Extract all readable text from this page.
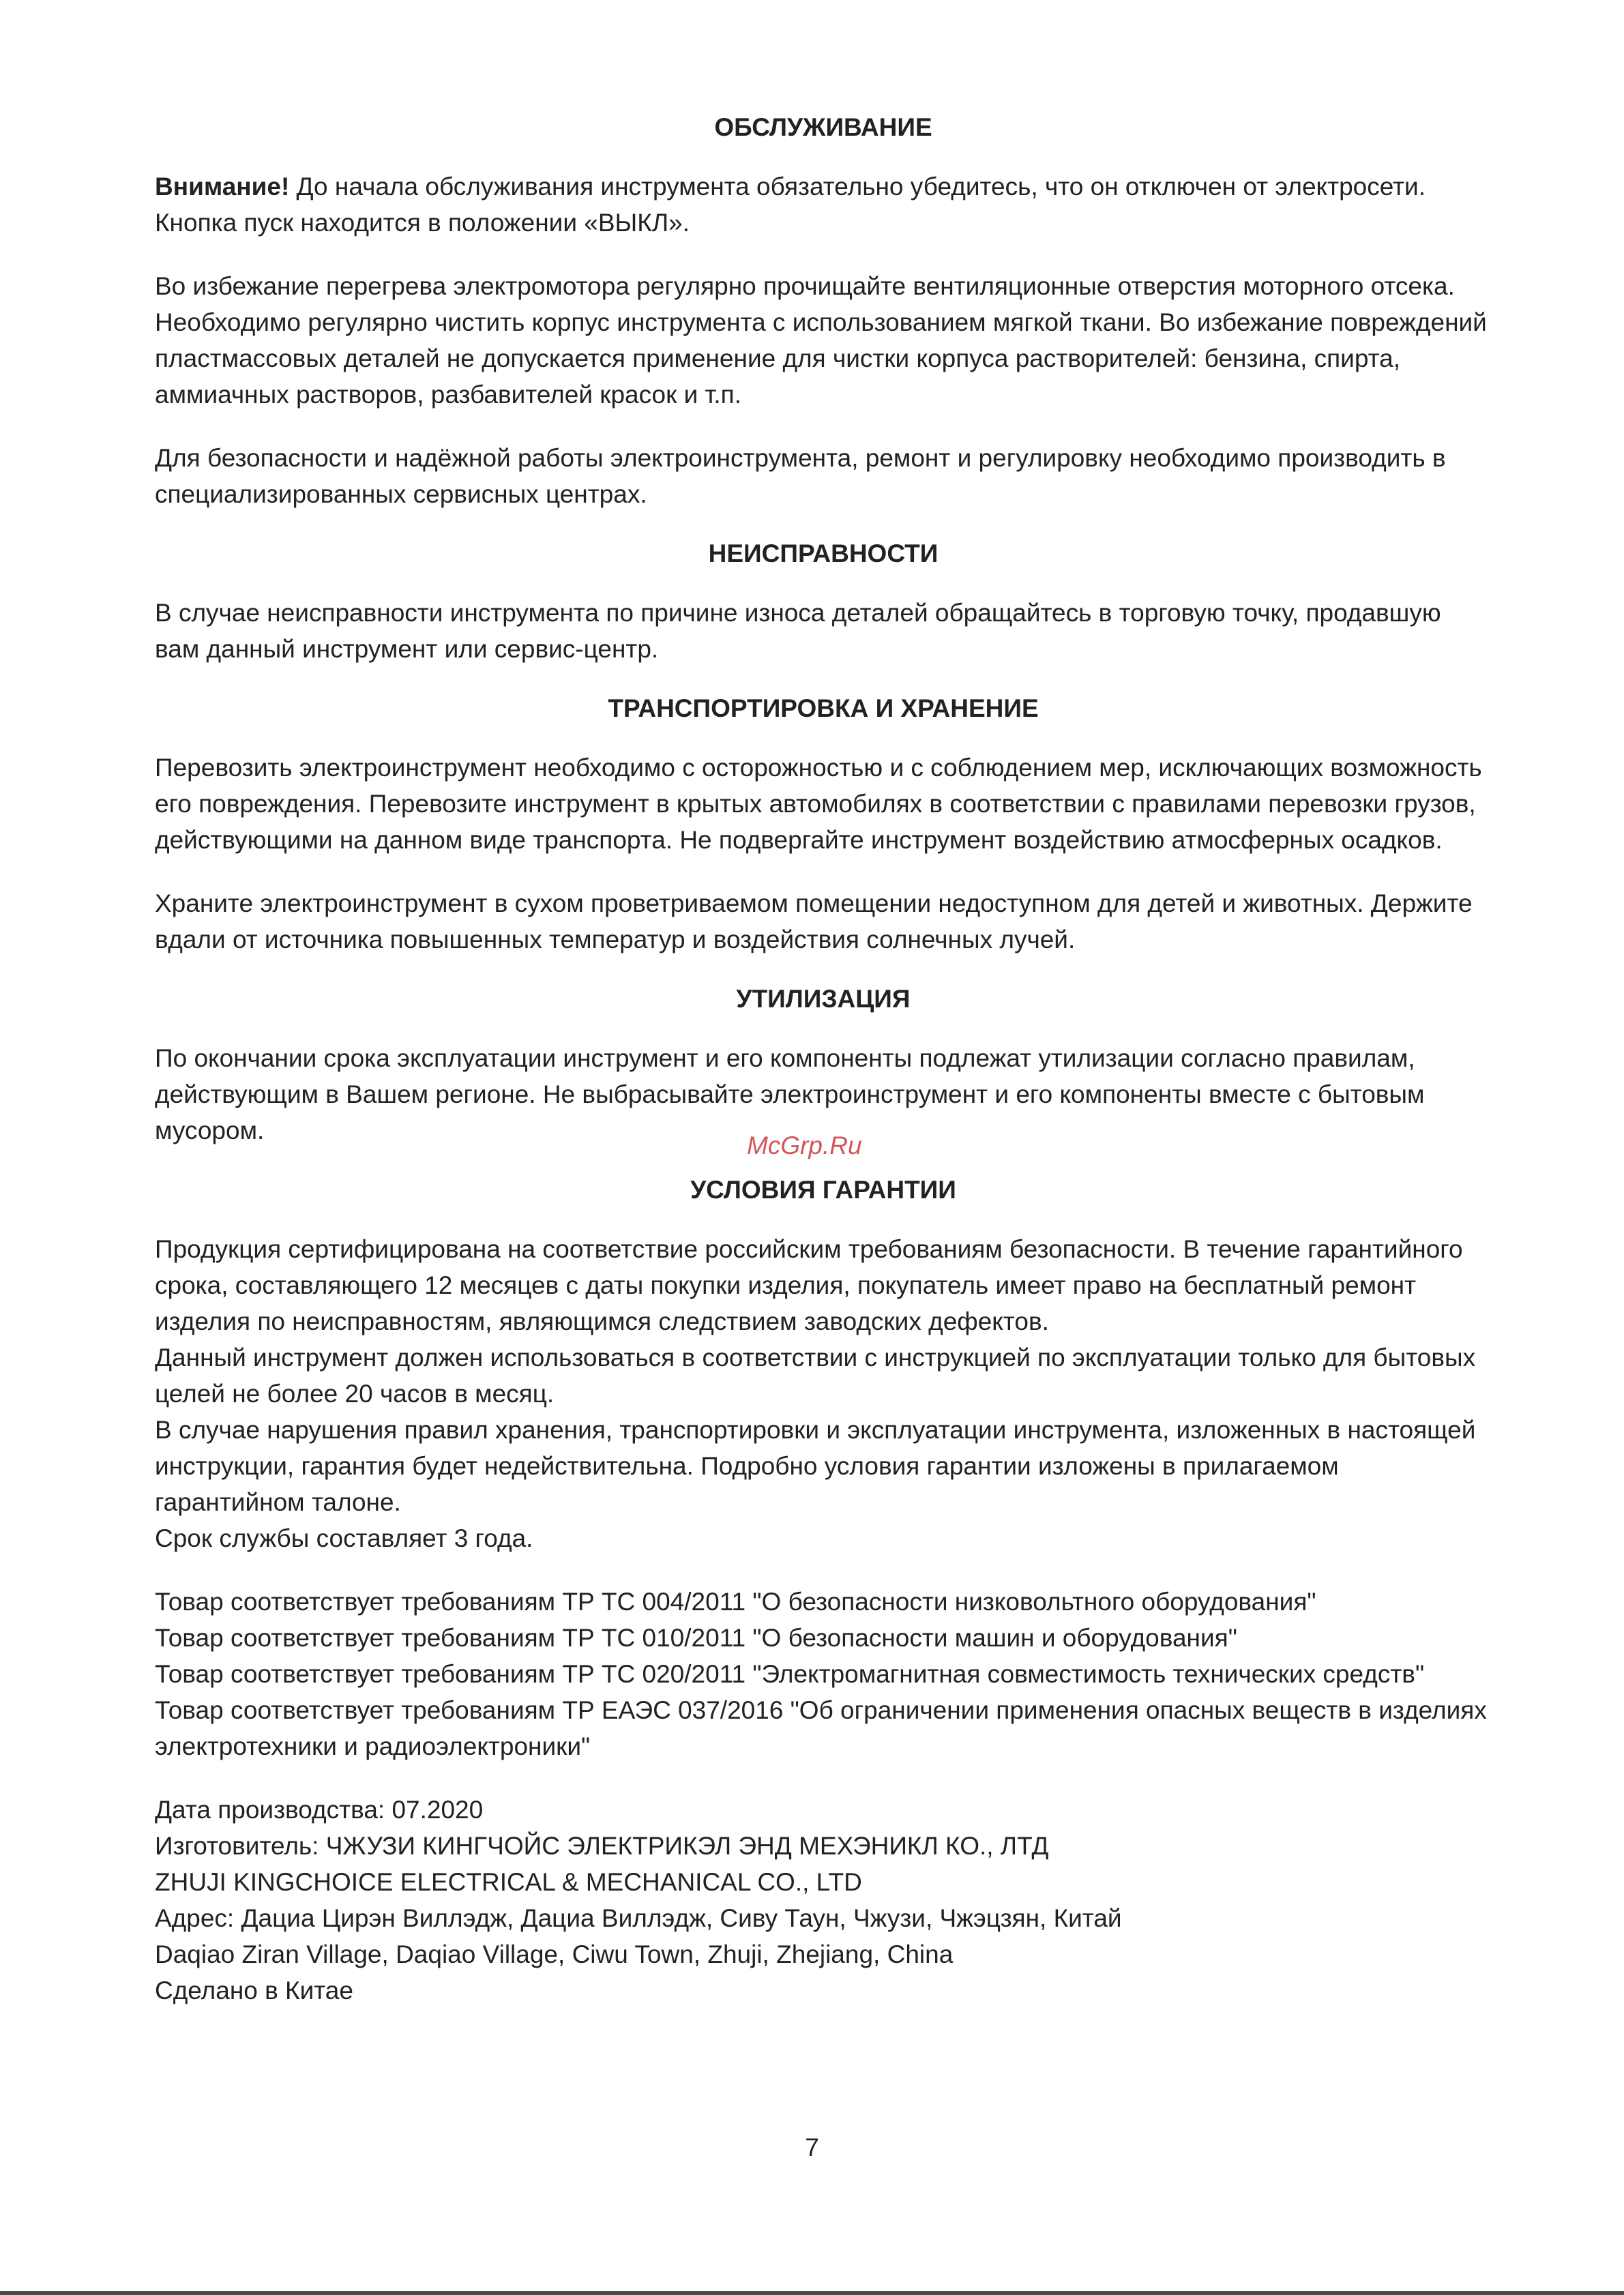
ОБСЛУЖИВАНИЕ
Внимание! До начала обслуживания инструмента обязательно убедитесь, что он отключен от электросети. Кнопка пуск находится в положении «ВЫКЛ».
Во избежание перегрева электромотора регулярно прочищайте вентиляционные отверстия моторного отсека. Необходимо регулярно чистить корпус инструмента с использованием мягкой ткани. Во избежание повреждений пластмассовых деталей не допускается применение для чистки корпуса растворителей: бензина, спирта, аммиачных растворов, разбавителей красок и т.п.
Для безопасности и надёжной работы электроинструмента, ремонт и регулировку необходимо производить в специализированных сервисных центрах.
НЕИСПРАВНОСТИ
В случае неисправности инструмента по причине износа деталей обращайтесь в торговую точку, продавшую вам данный инструмент или сервис-центр.
ТРАНСПОРТИРОВКА И ХРАНЕНИЕ
Перевозить электроинструмент необходимо с осторожностью и с соблюдением мер, исключающих возможность его повреждения. Перевозите инструмент в крытых автомобилях в соответствии с правилами перевозки грузов, действующими на данном виде транспорта. Не подвергайте инструмент воздействию атмосферных осадков.
Храните электроинструмент в сухом проветриваемом помещении недоступном для детей и животных. Держите вдали от источника повышенных температур и воздействия солнечных лучей.
УТИЛИЗАЦИЯ
По окончании срока эксплуатации инструмент и его компоненты подлежат утилизации согласно правилам, действующим в Вашем регионе. Не выбрасывайте электроинструмент и его компоненты вместе с бытовым мусором.
УСЛОВИЯ ГАРАНТИИ
Продукция сертифицирована на соответствие российским требованиям безопасности. В течение гарантийного срока, составляющего 12 месяцев с даты покупки изделия, покупатель имеет право на бесплатный ремонт изделия по неисправностям, являющимся следствием заводских дефектов.
Данный инструмент должен использоваться в соответствии с инструкцией по эксплуатации только для бытовых целей не более 20 часов в месяц.
В случае нарушения правил хранения, транспортировки и эксплуатации инструмента, изложенных в настоящей инструкции, гарантия будет недействительна. Подробно условия гарантии изложены в прилагаемом гарантийном талоне.
Срок службы составляет 3 года.
Товар соответствует требованиям ТР ТС 004/2011 "О безопасности низковольтного оборудования"
Товар соответствует требованиям ТР ТС 010/2011 "О безопасности машин и оборудования"
Товар соответствует требованиям ТР ТС 020/2011 "Электромагнитная совместимость технических средств"
Товар соответствует требованиям ТР ЕАЭС 037/2016 "Об ограничении применения опасных веществ в изделиях электротехники и радиоэлектроники"
Дата производства: 07.2020
Изготовитель: ЧЖУЗИ КИНГЧОЙС ЭЛЕКТРИКЭЛ ЭНД МЕХЭНИКЛ КО., ЛТД
ZHUJI KINGCHOICE ELECTRICAL & MECHANICAL CO., LTD
Адрес: Дациа Цирэн Виллэдж, Дациа Виллэдж, Сиву Таун, Чжузи, Чжэцзян, Китай
Daqiao Ziran Village, Daqiao Village, Ciwu Town, Zhuji, Zhejiang, China
Сделано в Китае
McGrp.Ru
7
